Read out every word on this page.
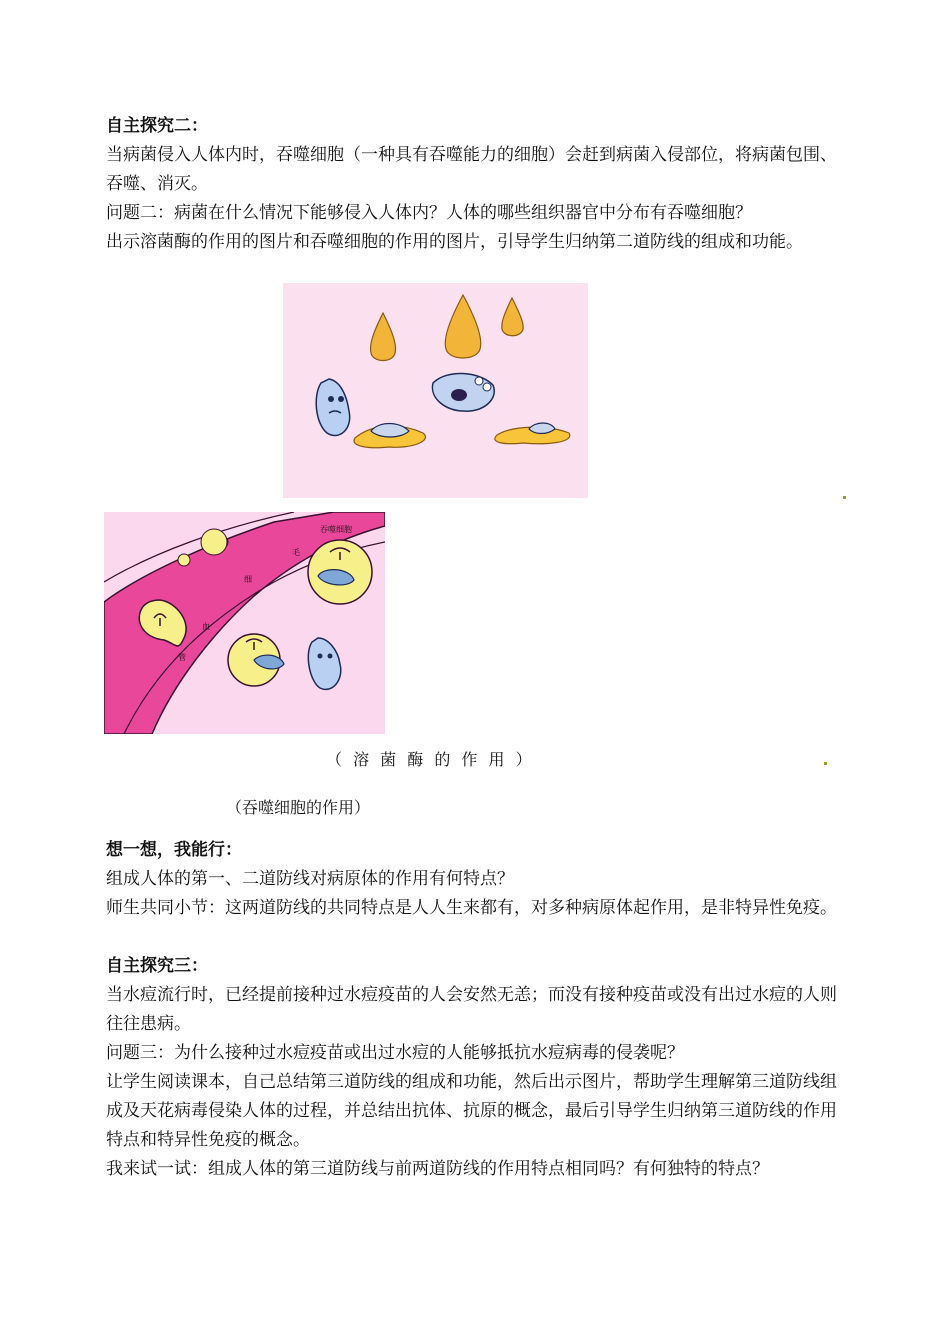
自主探究二：

当病菌侵入人体内时，吞噬细胞（一种具有吞噬能力的细胞）会赶到病菌入侵部位，将病菌包围、吞噬、消灭。

问题二：病菌在什么情况下能够侵入人体内？人体的哪些组织器官中分布有吞噬细胞？

出示溶菌酶的作用的图片和吞噬细胞的作用的图片，引导学生归纳第二道防线的组成和功能。

吞噬细胞
毛
细
血
管
（ 溶 菌 酶 的 作 用 ）
（吞噬细胞的作用）

想一想，我能行：

组成人体的第一、二道防线对病原体的作用有何特点？

师生共同小节：这两道防线的共同特点是人人生来都有，对多种病原体起作用，是非特异性免疫。

自主探究三：

当水痘流行时，已经提前接种过水痘疫苗的人会安然无恙；而没有接种疫苗或没有出过水痘的人则往往患病。

问题三：为什么接种过水痘疫苗或出过水痘的人能够抵抗水痘病毒的侵袭呢？

让学生阅读课本，自己总结第三道防线的组成和功能，然后出示图片，帮助学生理解第三道防线组成及天花病毒侵染人体的过程，并总结出抗体、抗原的概念，最后引导学生归纳第三道防线的作用特点和特异性免疫的概念。

我来试一试：组成人体的第三道防线与前两道防线的作用特点相同吗？有何独特的特点？
